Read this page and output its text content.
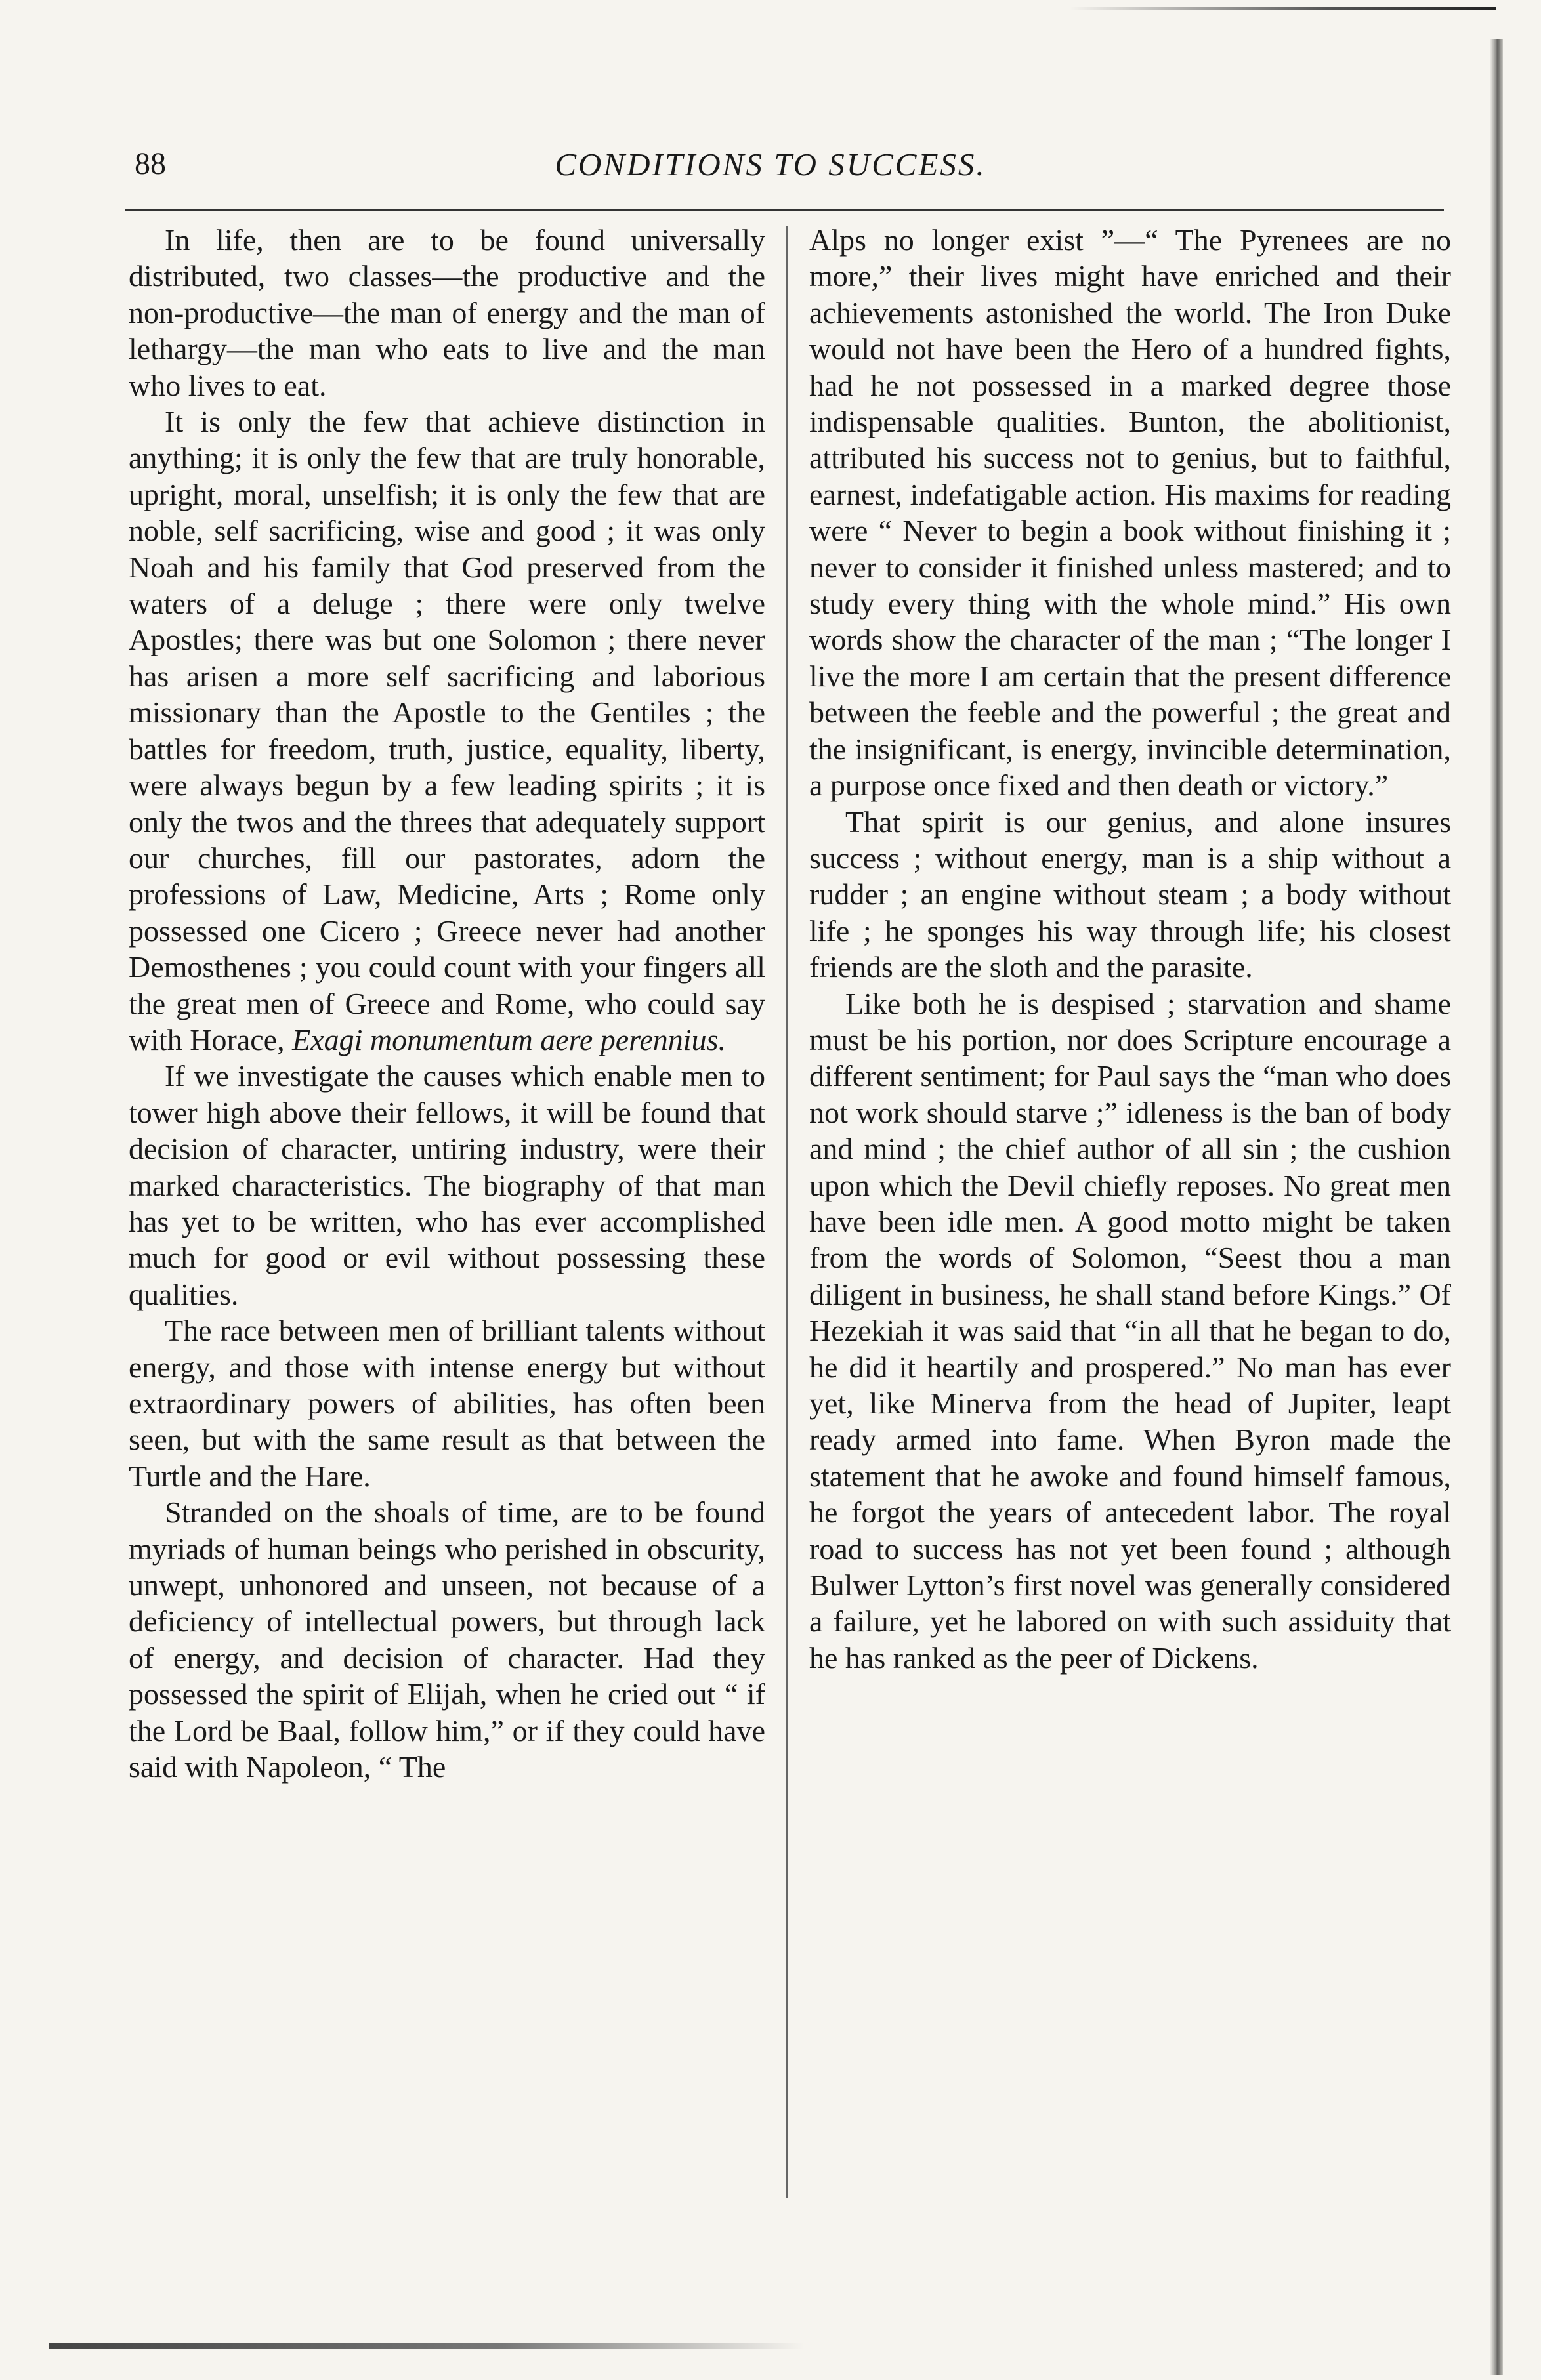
88	CONDITIONS TO SUCCESS.

In life, then are to be found universally distributed, two classes—the productive and the non-productive—the man of energy and the man of lethargy—the man who eats to live and the man who lives to eat.

It is only the few that achieve distinction in anything; it is only the few that are truly honorable, upright, moral, unselfish; it is only the few that are noble, self sacrificing, wise and good ; it was only Noah and his family that God preserved from the waters of a deluge ; there were only twelve Apostles; there was but one Solomon ; there never has arisen a more self sacrificing and laborious missionary than the Apostle to the Gentiles ; the battles for freedom, truth, justice, equality, liberty, were always begun by a few leading spirits ; it is only the twos and the threes that adequately support our churches, fill our pastorates, adorn the professions of Law, Medicine, Arts ; Rome only possessed one Cicero ; Greece never had another Demosthenes ; you could count with your fingers all the great men of Greece and Rome, who could say with Horace, Exagi monumentum aere perennius.

If we investigate the causes which enable men to tower high above their fellows, it will be found that decision of character, untiring industry, were their marked characteristics. The biography of that man has yet to be written, who has ever accomplished much for good or evil without possessing these qualities.

The race between men of brilliant talents without energy, and those with intense energy but without extraordinary powers of abilities, has often been seen, but with the same result as that between the Turtle and the Hare.

Stranded on the shoals of time, are to be found myriads of human beings who perished in obscurity, unwept, unhonored and unseen, not because of a deficiency of intellectual powers, but through lack of energy, and decision of character. Had they possessed the spirit of Elijah, when he cried out “ if the Lord be Baal, follow him,” or if they could have said with Napoleon, “ The

Alps no longer exist ”—“ The Pyrenees are no more,” their lives might have enriched and their achievements astonished the world. The Iron Duke would not have been the Hero of a hundred fights, had he not possessed in a marked degree those indispensable qualities. Bunton, the abolitionist, attributed his success not to genius, but to faithful, earnest, indefatigable action. His maxims for reading were “ Never to begin a book without finishing it ; never to consider it finished unless mastered; and to study every thing with the whole mind.” His own words show the character of the man ; “The longer I live the more I am certain that the present difference between the feeble and the powerful ; the great and the insignificant, is energy, invincible determination, a purpose once fixed and then death or victory.”

That spirit is our genius, and alone insures success ; without energy, man is a ship without a rudder ; an engine without steam ; a body without life ; he sponges his way through life; his closest friends are the sloth and the parasite.

Like both he is despised ; starvation and shame must be his portion, nor does Scripture encourage a different sentiment; for Paul says the “man who does not work should starve ;” idleness is the ban of body and mind ; the chief author of all sin ; the cushion upon which the Devil chiefly reposes. No great men have been idle men. A good motto might be taken from the words of Solomon, “Seest thou a man diligent in business, he shall stand before Kings.” Of Hezekiah it was said that “in all that he began to do, he did it heartily and prospered.” No man has ever yet, like Minerva from the head of Jupiter, leapt ready armed into fame. When Byron made the statement that he awoke and found himself famous, he forgot the years of antecedent labor. The royal road to success has not yet been found ; although Bulwer Lytton’s first novel was generally considered a failure, yet he labored on with such assiduity that he has ranked as the peer of Dickens.
